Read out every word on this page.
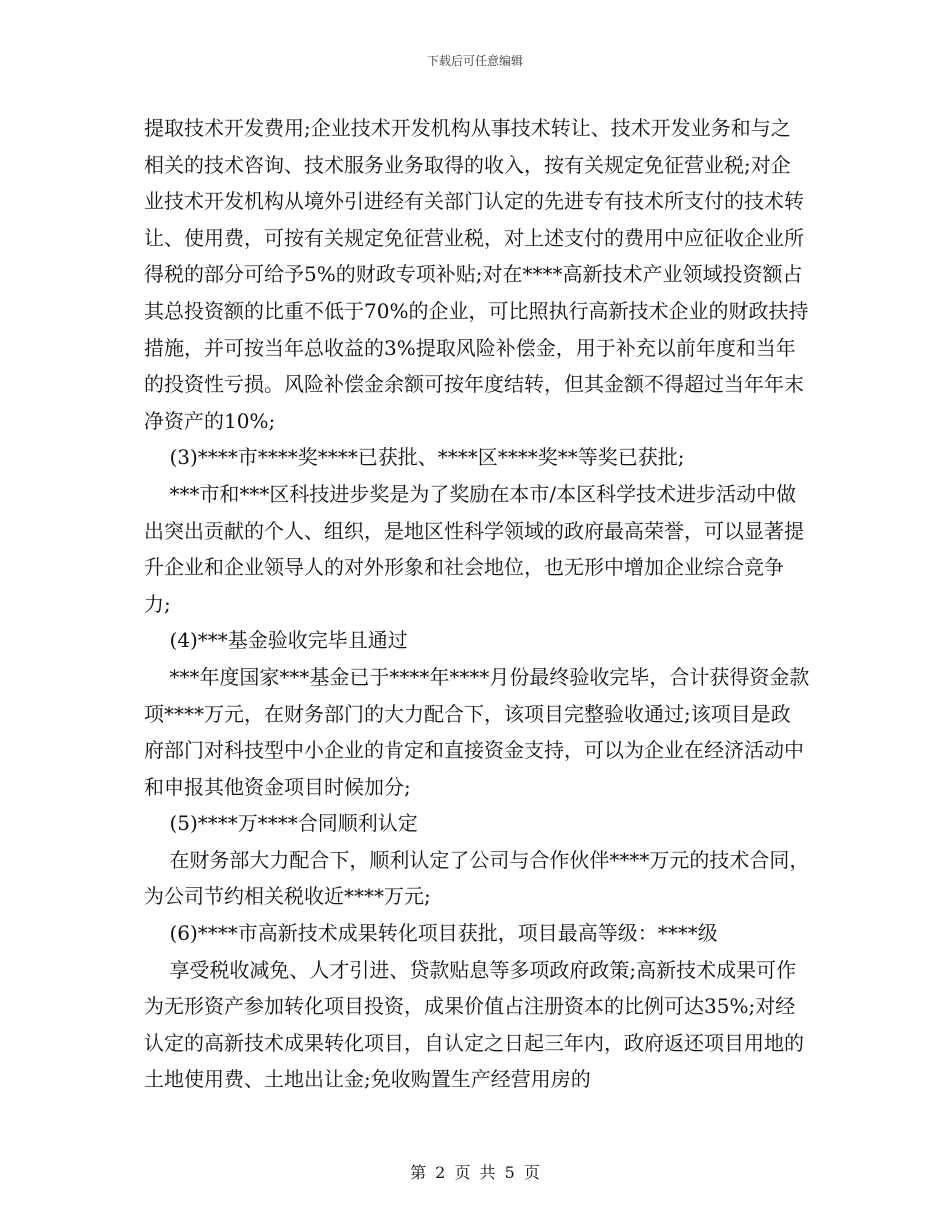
下载后可任意编辑

提取技术开发费用;企业技术开发机构从事技术转让、技术开发业务和与之相关的技术咨询、技术服务业务取得的收入，按有关规定免征营业税;对企业技术开发机构从境外引进经有关部门认定的先进专有技术所支付的技术转让、使用费，可按有关规定免征营业税，对上述支付的费用中应征收企业所得税的部分可给予5%的财政专项补贴;对在****高新技术产业领域投资额占其总投资额的比重不低于70%的企业，可比照执行高新技术企业的财政扶持措施，并可按当年总收益的3%提取风险补偿金，用于补充以前年度和当年的投资性亏损。风险补偿金余额可按年度结转，但其金额不得超过当年年末净资产的10%;

(3)****市****奖****已获批、****区****奖**等奖已获批;

***市和***区科技进步奖是为了奖励在本市/本区科学技术进步活动中做出突出贡献的个人、组织，是地区性科学领域的政府最高荣誉，可以显著提升企业和企业领导人的对外形象和社会地位，也无形中增加企业综合竞争力;

(4)***基金验收完毕且通过

***年度国家***基金已于****年****月份最终验收完毕，合计获得资金款项****万元，在财务部门的大力配合下，该项目完整验收通过;该项目是政府部门对科技型中小企业的肯定和直接资金支持，可以为企业在经济活动中和申报其他资金项目时候加分;

(5)****万****合同顺利认定

在财务部大力配合下，顺利认定了公司与合作伙伴****万元的技术合同，为公司节约相关税收近****万元;

(6)****市高新技术成果转化项目获批，项目最高等级：****级

享受税收减免、人才引进、贷款贴息等多项政府政策;高新技术成果可作为无形资产参加转化项目投资，成果价值占注册资本的比例可达35%;对经认定的高新技术成果转化项目，自认定之日起三年内，政府返还项目用地的土地使用费、土地出让金;免收购置生产经营用房的

第 2 页 共 5 页
